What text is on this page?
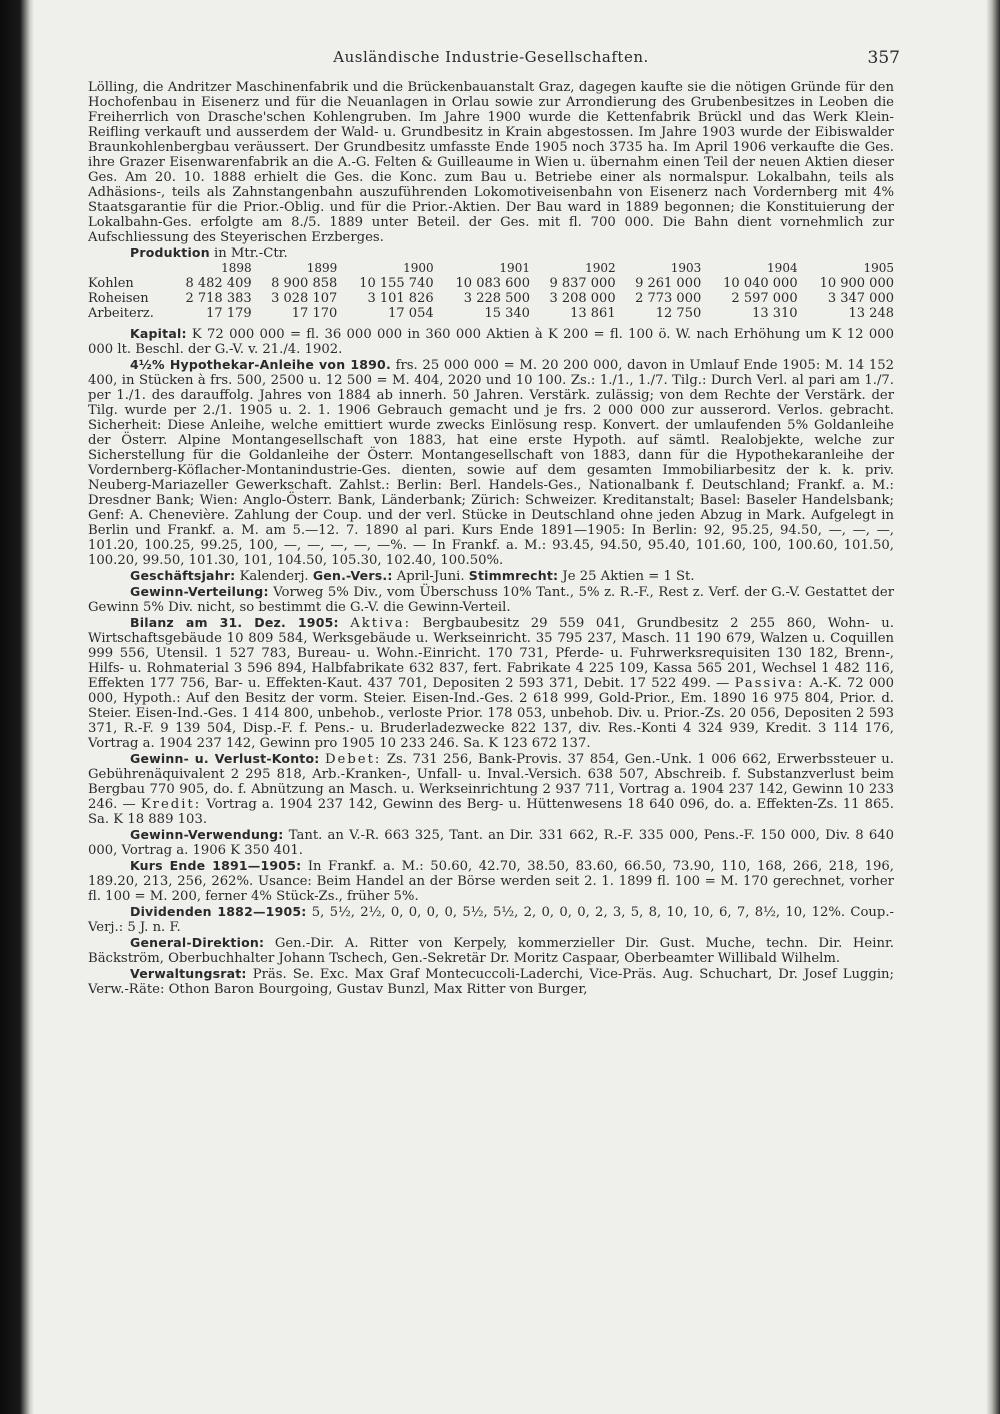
Ausländische Industrie-Gesellschaften.	357

Lölling, die Andritzer Maschinenfabrik und die Brückenbauanstalt Graz, dagegen kaufte sie die nötigen Gründe für den Hochofenbau in Eisenerz und für die Neuanlagen in Orlau sowie zur Arrondierung des Grubenbesitzes in Leoben die Freiherrlich von Drasche'schen Kohlengruben. Im Jahre 1900 wurde die Kettenfabrik Brückl und das Werk Klein-Reifling verkauft und ausserdem der Wald- u. Grundbesitz in Krain abgestossen. Im Jahre 1903 wurde der Eibiswalder Braunkohlenbergbau veräussert. Der Grundbesitz umfasste Ende 1905 noch 3735 ha. Im April 1906 verkaufte die Ges. ihre Grazer Eisenwarenfabrik an die A.-G. Felten & Guilleaume in Wien u. übernahm einen Teil der neuen Aktien dieser Ges. Am 20. 10. 1888 erhielt die Ges. die Konc. zum Bau u. Betriebe einer als normalspur. Lokalbahn, teils als Adhäsions-, teils als Zahnstangenbahn auszuführenden Lokomotiveisenbahn von Eisenerz nach Vordernberg mit 4% Staatsgarantie für die Prior.-Oblig. und für die Prior.-Aktien. Der Bau ward in 1889 begonnen; die Konstituierung der Lokalbahn-Ges. erfolgte am 8./5. 1889 unter Beteil. der Ges. mit fl. 700 000. Die Bahn dient vornehmlich zur Aufschliessung des Steyerischen Erzberges.

Produktion in Mtr.-Ctr.

	1898	1899	1900	1901	1902	1903	1904	1905
Kohlen	8 482 409	8 900 858	10 155 740	10 083 600	9 837 000	9 261 000	10 040 000	10 900 000
Roheisen	2 718 383	3 028 107	3 101 826	3 228 500	3 208 000	2 773 000	2 597 000	3 347 000
Arbeiterz.	17 179	17 170	17 054	15 340	13 861	12 750	13 310	13 248

Kapital: K 72 000 000 = fl. 36 000 000 in 360 000 Aktien à K 200 = fl. 100 ö. W. nach Erhöhung um K 12 000 000 lt. Beschl. der G.-V. v. 21./4. 1902.

4½% Hypothekar-Anleihe von 1890. frs. 25 000 000 = M. 20 200 000, davon in Umlauf Ende 1905: M. 14 152 400, in Stücken à frs. 500, 2500 u. 12 500 = M. 404, 2020 und 10 100. Zs.: 1./1., 1./7. Tilg.: Durch Verl. al pari am 1./7. per 1./1. des darauffolg. Jahres von 1884 ab innerh. 50 Jahren. Verstärk. zulässig; von dem Rechte der Verstärk. der Tilg. wurde per 2./1. 1905 u. 2. 1. 1906 Gebrauch gemacht und je frs. 2 000 000 zur ausserord. Verlos. gebracht. Sicherheit: Diese Anleihe, welche emittiert wurde zwecks Einlösung resp. Konvert. der umlaufenden 5% Goldanleihe der Österr. Alpine Montangesellschaft von 1883, hat eine erste Hypoth. auf sämtl. Realobjekte, welche zur Sicherstellung für die Goldanleihe der Österr. Montangesellschaft von 1883, dann für die Hypothekaranleihe der Vordernberg-Köflacher-Montanindustrie-Ges. dienten, sowie auf dem gesamten Immobiliarbesitz der k. k. priv. Neuberg-Mariazeller Gewerkschaft. Zahlst.: Berlin: Berl. Handels-Ges., Nationalbank f. Deutschland; Frankf. a. M.: Dresdner Bank; Wien: Anglo-Österr. Bank, Länderbank; Zürich: Schweizer. Kreditanstalt; Basel: Baseler Handelsbank; Genf: A. Chenevière. Zahlung der Coup. und der verl. Stücke in Deutschland ohne jeden Abzug in Mark. Aufgelegt in Berlin und Frankf. a. M. am 5.—12. 7. 1890 al pari. Kurs Ende 1891—1905: In Berlin: 92, 95.25, 94.50, —, —, —, 101.20, 100.25, 99.25, 100, —, —, —, —, —%. — In Frankf. a. M.: 93.45, 94.50, 95.40, 101.60, 100, 100.60, 101.50, 100.20, 99.50, 101.30, 101, 104.50, 105.30, 102.40, 100.50%.

Geschäftsjahr: Kalenderj. Gen.-Vers.: April-Juni. Stimmrecht: Je 25 Aktien = 1 St.

Gewinn-Verteilung: Vorweg 5% Div., vom Überschuss 10% Tant., 5% z. R.-F., Rest z. Verf. der G.-V. Gestattet der Gewinn 5% Div. nicht, so bestimmt die G.-V. die Gewinn-Verteil.

Bilanz am 31. Dez. 1905: Aktiva: Bergbaubesitz 29 559 041, Grundbesitz 2 255 860, Wohn- u. Wirtschaftsgebäude 10 809 584, Werksgebäude u. Werkseinricht. 35 795 237, Masch. 11 190 679, Walzen u. Coquillen 999 556, Utensil. 1 527 783, Bureau- u. Wohn.-Einricht. 170 731, Pferde- u. Fuhrwerksrequisiten 130 182, Brenn-, Hilfs- u. Rohmaterial 3 596 894, Halbfabrikate 632 837, fert. Fabrikate 4 225 109, Kassa 565 201, Wechsel 1 482 116, Effekten 177 756, Bar- u. Effekten-Kaut. 437 701, Depositen 2 593 371, Debit. 17 522 499. — Passiva: A.-K. 72 000 000, Hypoth.: Auf den Besitz der vorm. Steier. Eisen-Ind.-Ges. 2 618 999, Gold-Prior., Em. 1890 16 975 804, Prior. d. Steier. Eisen-Ind.-Ges. 1 414 800, unbehob., verloste Prior. 178 053, unbehob. Div. u. Prior.-Zs. 20 056, Depositen 2 593 371, R.-F. 9 139 504, Disp.-F. f. Pens.- u. Bruderladezwecke 822 137, div. Res.-Konti 4 324 939, Kredit. 3 114 176, Vortrag a. 1904 237 142, Gewinn pro 1905 10 233 246. Sa. K 123 672 137.

Gewinn- u. Verlust-Konto: Debet: Zs. 731 256, Bank-Provis. 37 854, Gen.-Unk. 1 006 662, Erwerbssteuer u. Gebührenäquivalent 2 295 818, Arb.-Kranken-, Unfall- u. Inval.-Versich. 638 507, Abschreib. f. Substanzverlust beim Bergbau 770 905, do. f. Abnützung an Masch. u. Werkseinrichtung 2 937 711, Vortrag a. 1904 237 142, Gewinn 10 233 246. — Kredit: Vortrag a. 1904 237 142, Gewinn des Berg- u. Hüttenwesens 18 640 096, do. a. Effekten-Zs. 11 865. Sa. K 18 889 103.

Gewinn-Verwendung: Tant. an V.-R. 663 325, Tant. an Dir. 331 662, R.-F. 335 000, Pens.-F. 150 000, Div. 8 640 000, Vortrag a. 1906 K 350 401.

Kurs Ende 1891—1905: In Frankf. a. M.: 50.60, 42.70, 38.50, 83.60, 66.50, 73.90, 110, 168, 266, 218, 196, 189.20, 213, 256, 262%. Usance: Beim Handel an der Börse werden seit 2. 1. 1899 fl. 100 = M. 170 gerechnet, vorher fl. 100 = M. 200, ferner 4% Stück-Zs., früher 5%.

Dividenden 1882—1905: 5, 5½, 2½, 0, 0, 0, 0, 5½, 5½, 2, 0, 0, 0, 2, 3, 5, 8, 10, 10, 6, 7, 8½, 10, 12%. Coup.-Verj.: 5 J. n. F.

General-Direktion: Gen.-Dir. A. Ritter von Kerpely, kommerzieller Dir. Gust. Muche, techn. Dir. Heinr. Bäckström, Oberbuchhalter Johann Tschech, Gen.-Sekretär Dr. Moritz Caspaar, Oberbeamter Willibald Wilhelm.

Verwaltungsrat: Präs. Se. Exc. Max Graf Montecuccoli-Laderchi, Vice-Präs. Aug. Schuchart, Dr. Josef Luggin; Verw.-Räte: Othon Baron Bourgoing, Gustav Bunzl, Max Ritter von Burger,
